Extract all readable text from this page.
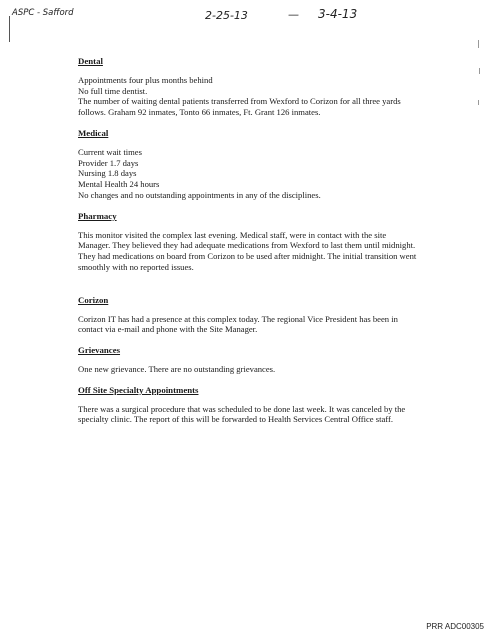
ASPC - Safford	2-25-13	— 3-4-13
Dental

Appointments four plus months behind
No full time dentist.
The number of waiting dental patients transferred from Wexford to Corizon for all three yards follows. Graham 92 inmates, Tonto 66 inmates, Ft. Grant 126 inmates.

Medical

Current wait times
Provider 1.7 days
Nursing 1.8 days
Mental Health 24 hours
No changes and no outstanding appointments in any of the disciplines.

Pharmacy

This monitor visited the complex last evening. Medical staff, were in contact with the site Manager. They believed they had adequate medications from Wexford to last them until midnight. They had medications on board from Corizon to be used after midnight. The initial transition went smoothly with no reported issues.

Corizon

Corizon IT has had a presence at this complex today. The regional Vice President has been in contact via e-mail and phone with the Site Manager.

Grievances

One new grievance. There are no outstanding grievances.

Off Site Specialty Appointments

There was a surgical procedure that was scheduled to be done last week. It was canceled by the specialty clinic. The report of this will be forwarded to Health Services Central Office staff.

PRR ADC00305
